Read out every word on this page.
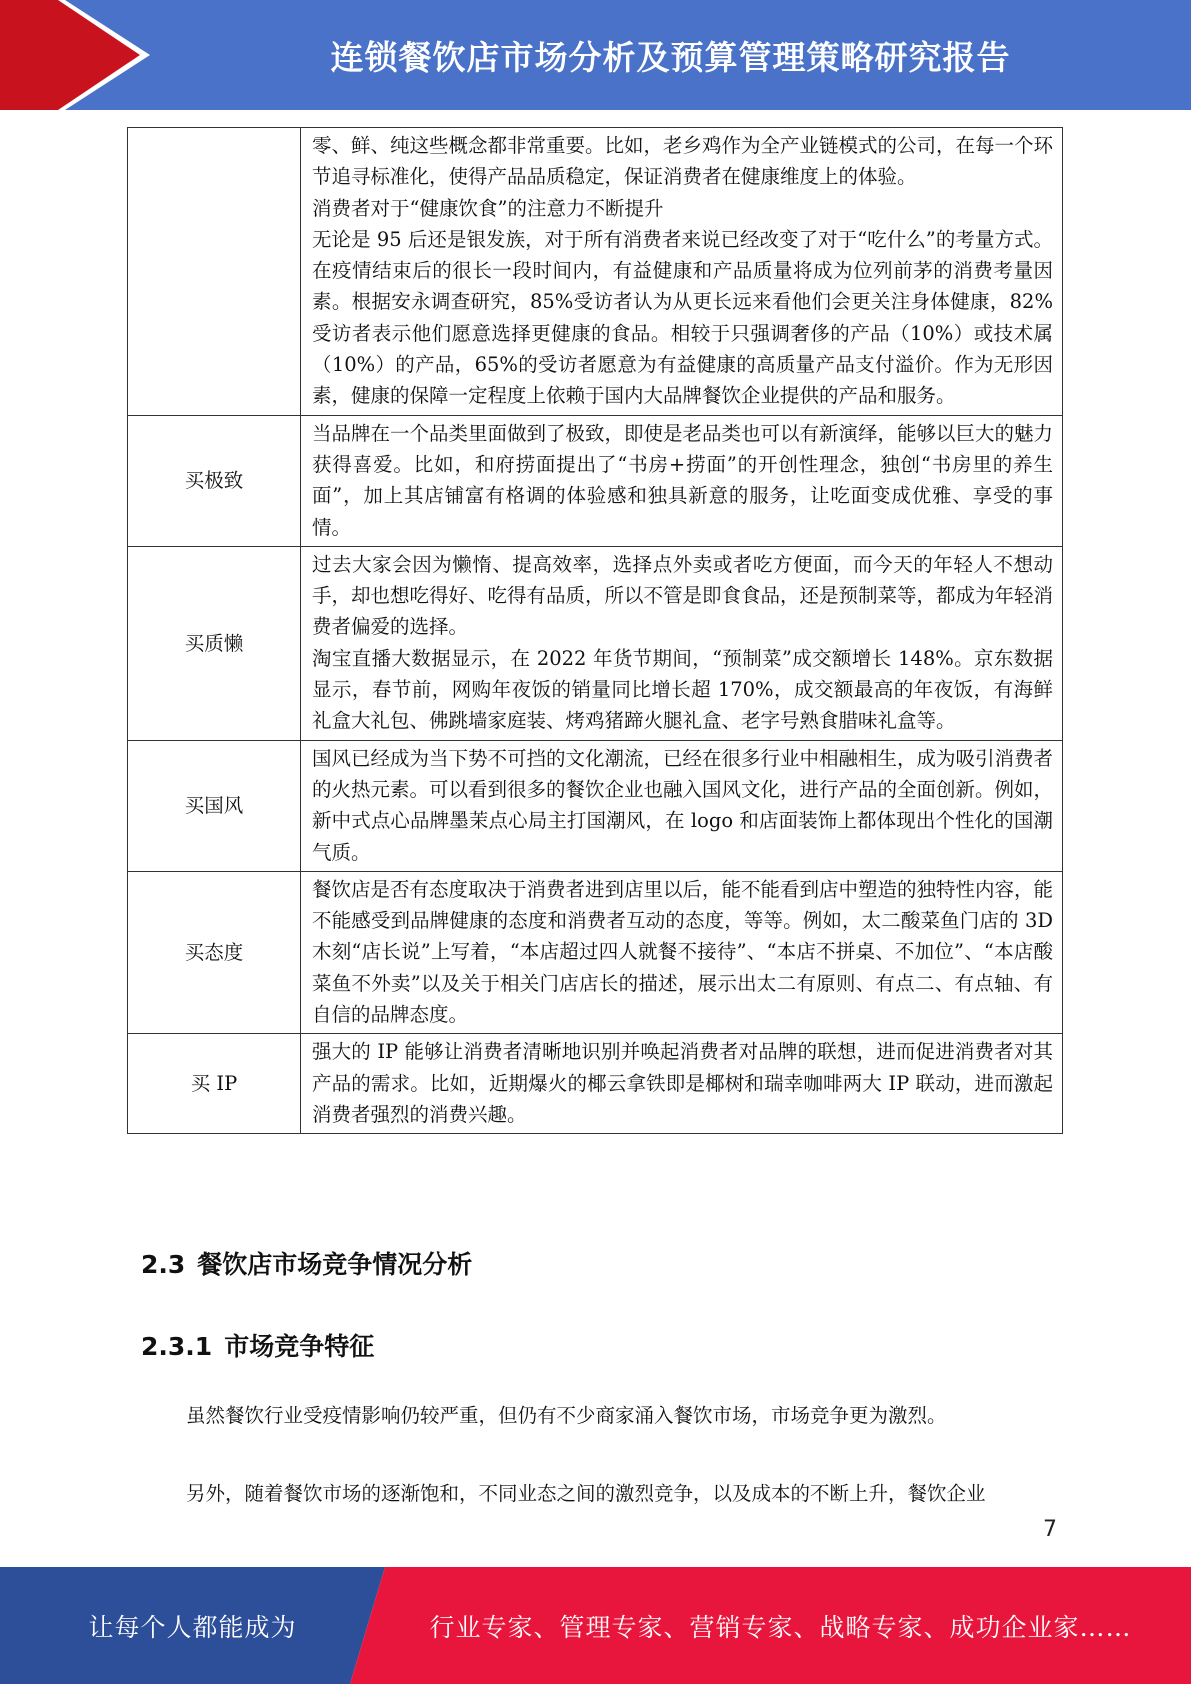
连锁餐饮店市场分析及预算管理策略研究报告

	零、鲜、纯这些概念都非常重要。比如，老乡鸡作为全产业链模式的公司，在每一个环节追寻标准化，使得产品品质稳定，保证消费者在健康维度上的体验。

消费者对于“健康饮食”的注意力不断提升

无论是 95 后还是银发族，对于所有消费者来说已经改变了对于“吃什么”的考量方式。在疫情结束后的很长一段时间内，有益健康和产品质量将成为位列前茅的消费考量因素。根据安永调查研究，85%受访者认为从更长远来看他们会更关注身体健康，82%受访者表示他们愿意选择更健康的食品。相较于只强调奢侈的产品（10%）或技术属（10%）的产品，65%的受访者愿意为有益健康的高质量产品支付溢价。作为无形因素，健康的保障一定程度上依赖于国内大品牌餐饮企业提供的产品和服务。

买极致	当品牌在一个品类里面做到了极致，即使是老品类也可以有新演绎，能够以巨大的魅力获得喜爱。比如，和府捞面提出了“书房+捞面”的开创性理念，独创“书房里的养生面”，加上其店铺富有格调的体验感和独具新意的服务，让吃面变成优雅、享受的事情。

买质懒	过去大家会因为懒惰、提高效率，选择点外卖或者吃方便面，而今天的年轻人不想动手，却也想吃得好、吃得有品质，所以不管是即食食品，还是预制菜等，都成为年轻消费者偏爱的选择。

淘宝直播大数据显示，在 2022 年货节期间，“预制菜”成交额增长 148%。京东数据显示，春节前，网购年夜饭的销量同比增长超 170%，成交额最高的年夜饭，有海鲜礼盒大礼包、佛跳墙家庭装、烤鸡猪蹄火腿礼盒、老字号熟食腊味礼盒等。

买国风	国风已经成为当下势不可挡的文化潮流，已经在很多行业中相融相生，成为吸引消费者的火热元素。可以看到很多的餐饮企业也融入国风文化，进行产品的全面创新。例如，新中式点心品牌墨茉点心局主打国潮风，在 logo 和店面装饰上都体现出个性化的国潮气质。

买态度	餐饮店是否有态度取决于消费者进到店里以后，能不能看到店中塑造的独特性内容，能不能感受到品牌健康的态度和消费者互动的态度，等等。例如，太二酸菜鱼门店的 3D 木刻“店长说”上写着，“本店超过四人就餐不接待”、“本店不拼桌、不加位”、“本店酸菜鱼不外卖”以及关于相关门店店长的描述，展示出太二有原则、有点二、有点轴、有自信的品牌态度。

买 IP	强大的 IP 能够让消费者清晰地识别并唤起消费者对品牌的联想，进而促进消费者对其产品的需求。比如，近期爆火的椰云拿铁即是椰树和瑞幸咖啡两大 IP 联动，进而激起消费者强烈的消费兴趣。

2.3 餐饮店市场竞争情况分析
2.3.1 市场竞争特征

虽然餐饮行业受疫情影响仍较严重，但仍有不少商家涌入餐饮市场，市场竞争更为激烈。

另外，随着餐饮市场的逐渐饱和，不同业态之间的激烈竞争，以及成本的不断上升，餐饮企业

7
让每个人都能成为	行业专家、管理专家、营销专家、战略专家、成功企业家……
